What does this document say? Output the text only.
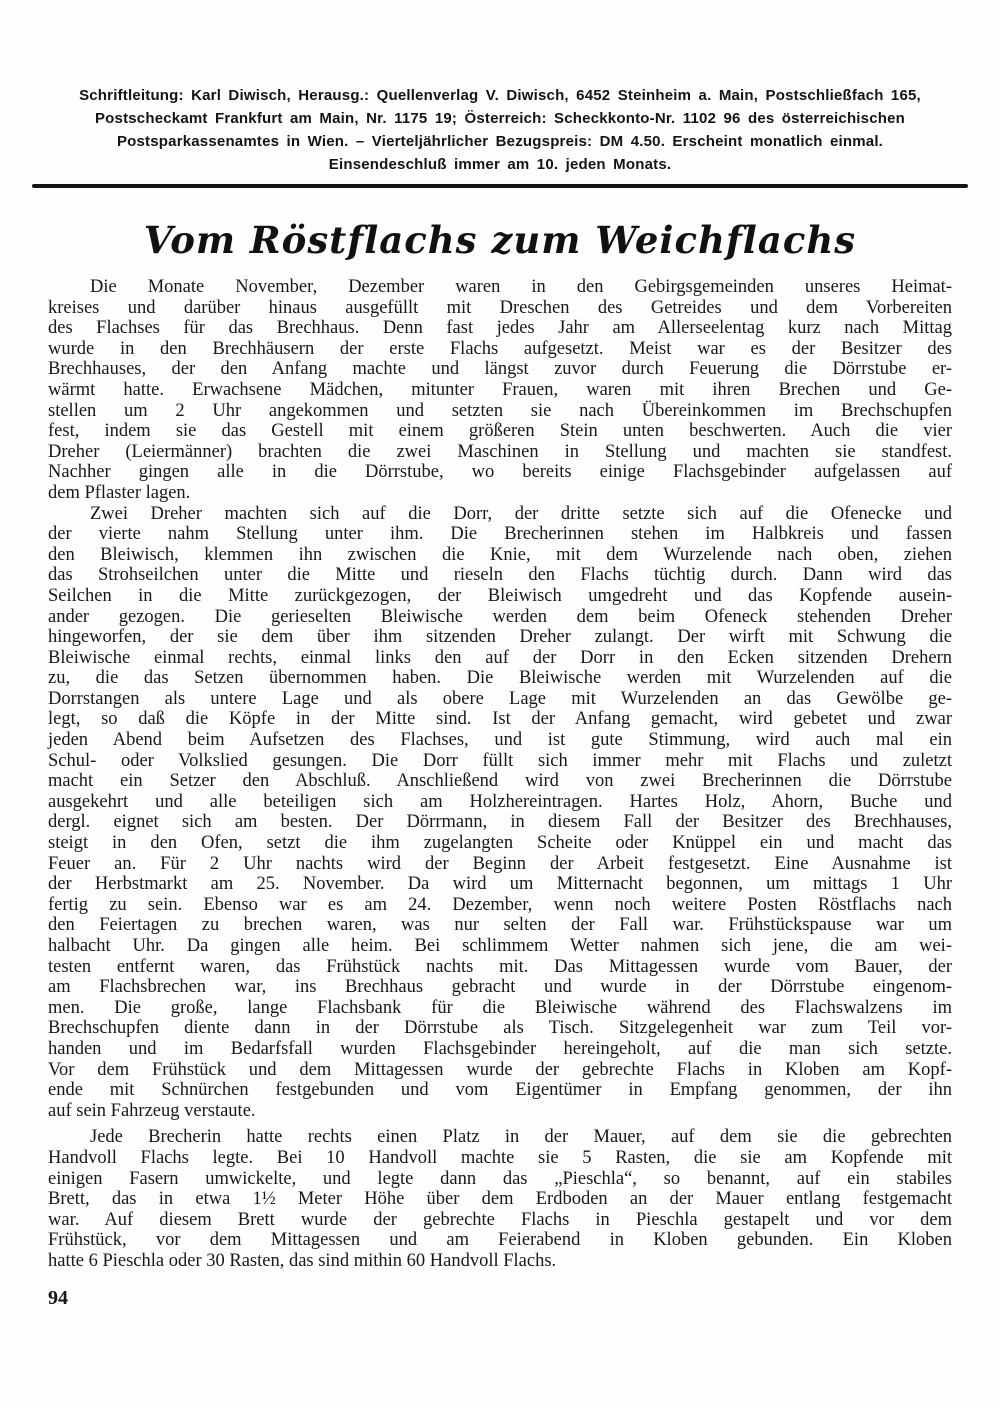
Schriftleitung: Karl Diwisch, Herausg.: Quellenverlag V. Diwisch, 6452 Steinheim a. Main, Postschließfach 165,
Postscheckamt Frankfurt am Main, Nr. 1175 19; Österreich: Scheckkonto-Nr. 1102 96 des österreichischen
Postsparkassenamtes in Wien. – Vierteljährlicher Bezugspreis: DM 4.50. Erscheint monatlich einmal.
Einsendeschluß immer am 10. jeden Monats.
Vom Röstflachs zum Weichflachs
Die Monate November, Dezember waren in den Gebirgsgemeinden unseres Heimat-
kreises und darüber hinaus ausgefüllt mit Dreschen des Getreides und dem Vorbereiten
des Flachses für das Brechhaus. Denn fast jedes Jahr am Allerseelentag kurz nach Mittag
wurde in den Brechhäusern der erste Flachs aufgesetzt. Meist war es der Besitzer des
Brechhauses, der den Anfang machte und längst zuvor durch Feuerung die Dörrstube er-
wärmt hatte. Erwachsene Mädchen, mitunter Frauen, waren mit ihren Brechen und Ge-
stellen um 2 Uhr angekommen und setzten sie nach Übereinkommen im Brechschupfen
fest, indem sie das Gestell mit einem größeren Stein unten beschwerten. Auch die vier
Dreher (Leiermänner) brachten die zwei Maschinen in Stellung und machten sie standfest.
Nachher gingen alle in die Dörrstube, wo bereits einige Flachsgebinder aufgelassen auf
dem Pflaster lagen.
Zwei Dreher machten sich auf die Dorr, der dritte setzte sich auf die Ofenecke und
der vierte nahm Stellung unter ihm. Die Brecherinnen stehen im Halbkreis und fassen
den Bleiwisch, klemmen ihn zwischen die Knie, mit dem Wurzelende nach oben, ziehen
das Strohseilchen unter die Mitte und rieseln den Flachs tüchtig durch. Dann wird das
Seilchen in die Mitte zurückgezogen, der Bleiwisch umgedreht und das Kopfende ausein-
ander gezogen. Die gerieselten Bleiwische werden dem beim Ofeneck stehenden Dreher
hingeworfen, der sie dem über ihm sitzenden Dreher zulangt. Der wirft mit Schwung die
Bleiwische einmal rechts, einmal links den auf der Dorr in den Ecken sitzenden Drehern
zu, die das Setzen übernommen haben. Die Bleiwische werden mit Wurzelenden auf die
Dorrstangen als untere Lage und als obere Lage mit Wurzelenden an das Gewölbe ge-
legt, so daß die Köpfe in der Mitte sind. Ist der Anfang gemacht, wird gebetet und zwar
jeden Abend beim Aufsetzen des Flachses, und ist gute Stimmung, wird auch mal ein
Schul- oder Volkslied gesungen. Die Dorr füllt sich immer mehr mit Flachs und zuletzt
macht ein Setzer den Abschluß. Anschließend wird von zwei Brecherinnen die Dörrstube
ausgekehrt und alle beteiligen sich am Holzhereintragen. Hartes Holz, Ahorn, Buche und
dergl. eignet sich am besten. Der Dörrmann, in diesem Fall der Besitzer des Brechhauses,
steigt in den Ofen, setzt die ihm zugelangten Scheite oder Knüppel ein und macht das
Feuer an. Für 2 Uhr nachts wird der Beginn der Arbeit festgesetzt. Eine Ausnahme ist
der Herbstmarkt am 25. November. Da wird um Mitternacht begonnen, um mittags 1 Uhr
fertig zu sein. Ebenso war es am 24. Dezember, wenn noch weitere Posten Röstflachs nach
den Feiertagen zu brechen waren, was nur selten der Fall war. Frühstückspause war um
halbacht Uhr. Da gingen alle heim. Bei schlimmem Wetter nahmen sich jene, die am wei-
testen entfernt waren, das Frühstück nachts mit. Das Mittagessen wurde vom Bauer, der
am Flachsbrechen war, ins Brechhaus gebracht und wurde in der Dörrstube eingenom-
men. Die große, lange Flachsbank für die Bleiwische während des Flachswalzens im
Brechschupfen diente dann in der Dörrstube als Tisch. Sitzgelegenheit war zum Teil vor-
handen und im Bedarfsfall wurden Flachsgebinder hereingeholt, auf die man sich setzte.
Vor dem Frühstück und dem Mittagessen wurde der gebrechte Flachs in Kloben am Kopf-
ende mit Schnürchen festgebunden und vom Eigentümer in Empfang genommen, der ihn
auf sein Fahrzeug verstaute.
Jede Brecherin hatte rechts einen Platz in der Mauer, auf dem sie die gebrechten
Handvoll Flachs legte. Bei 10 Handvoll machte sie 5 Rasten, die sie am Kopfende mit
einigen Fasern umwickelte, und legte dann das „Pieschla“, so benannt, auf ein stabiles
Brett, das in etwa 1½ Meter Höhe über dem Erdboden an der Mauer entlang festgemacht
war. Auf diesem Brett wurde der gebrechte Flachs in Pieschla gestapelt und vor dem
Frühstück, vor dem Mittagessen und am Feierabend in Kloben gebunden. Ein Kloben
hatte 6 Pieschla oder 30 Rasten, das sind mithin 60 Handvoll Flachs.
94
